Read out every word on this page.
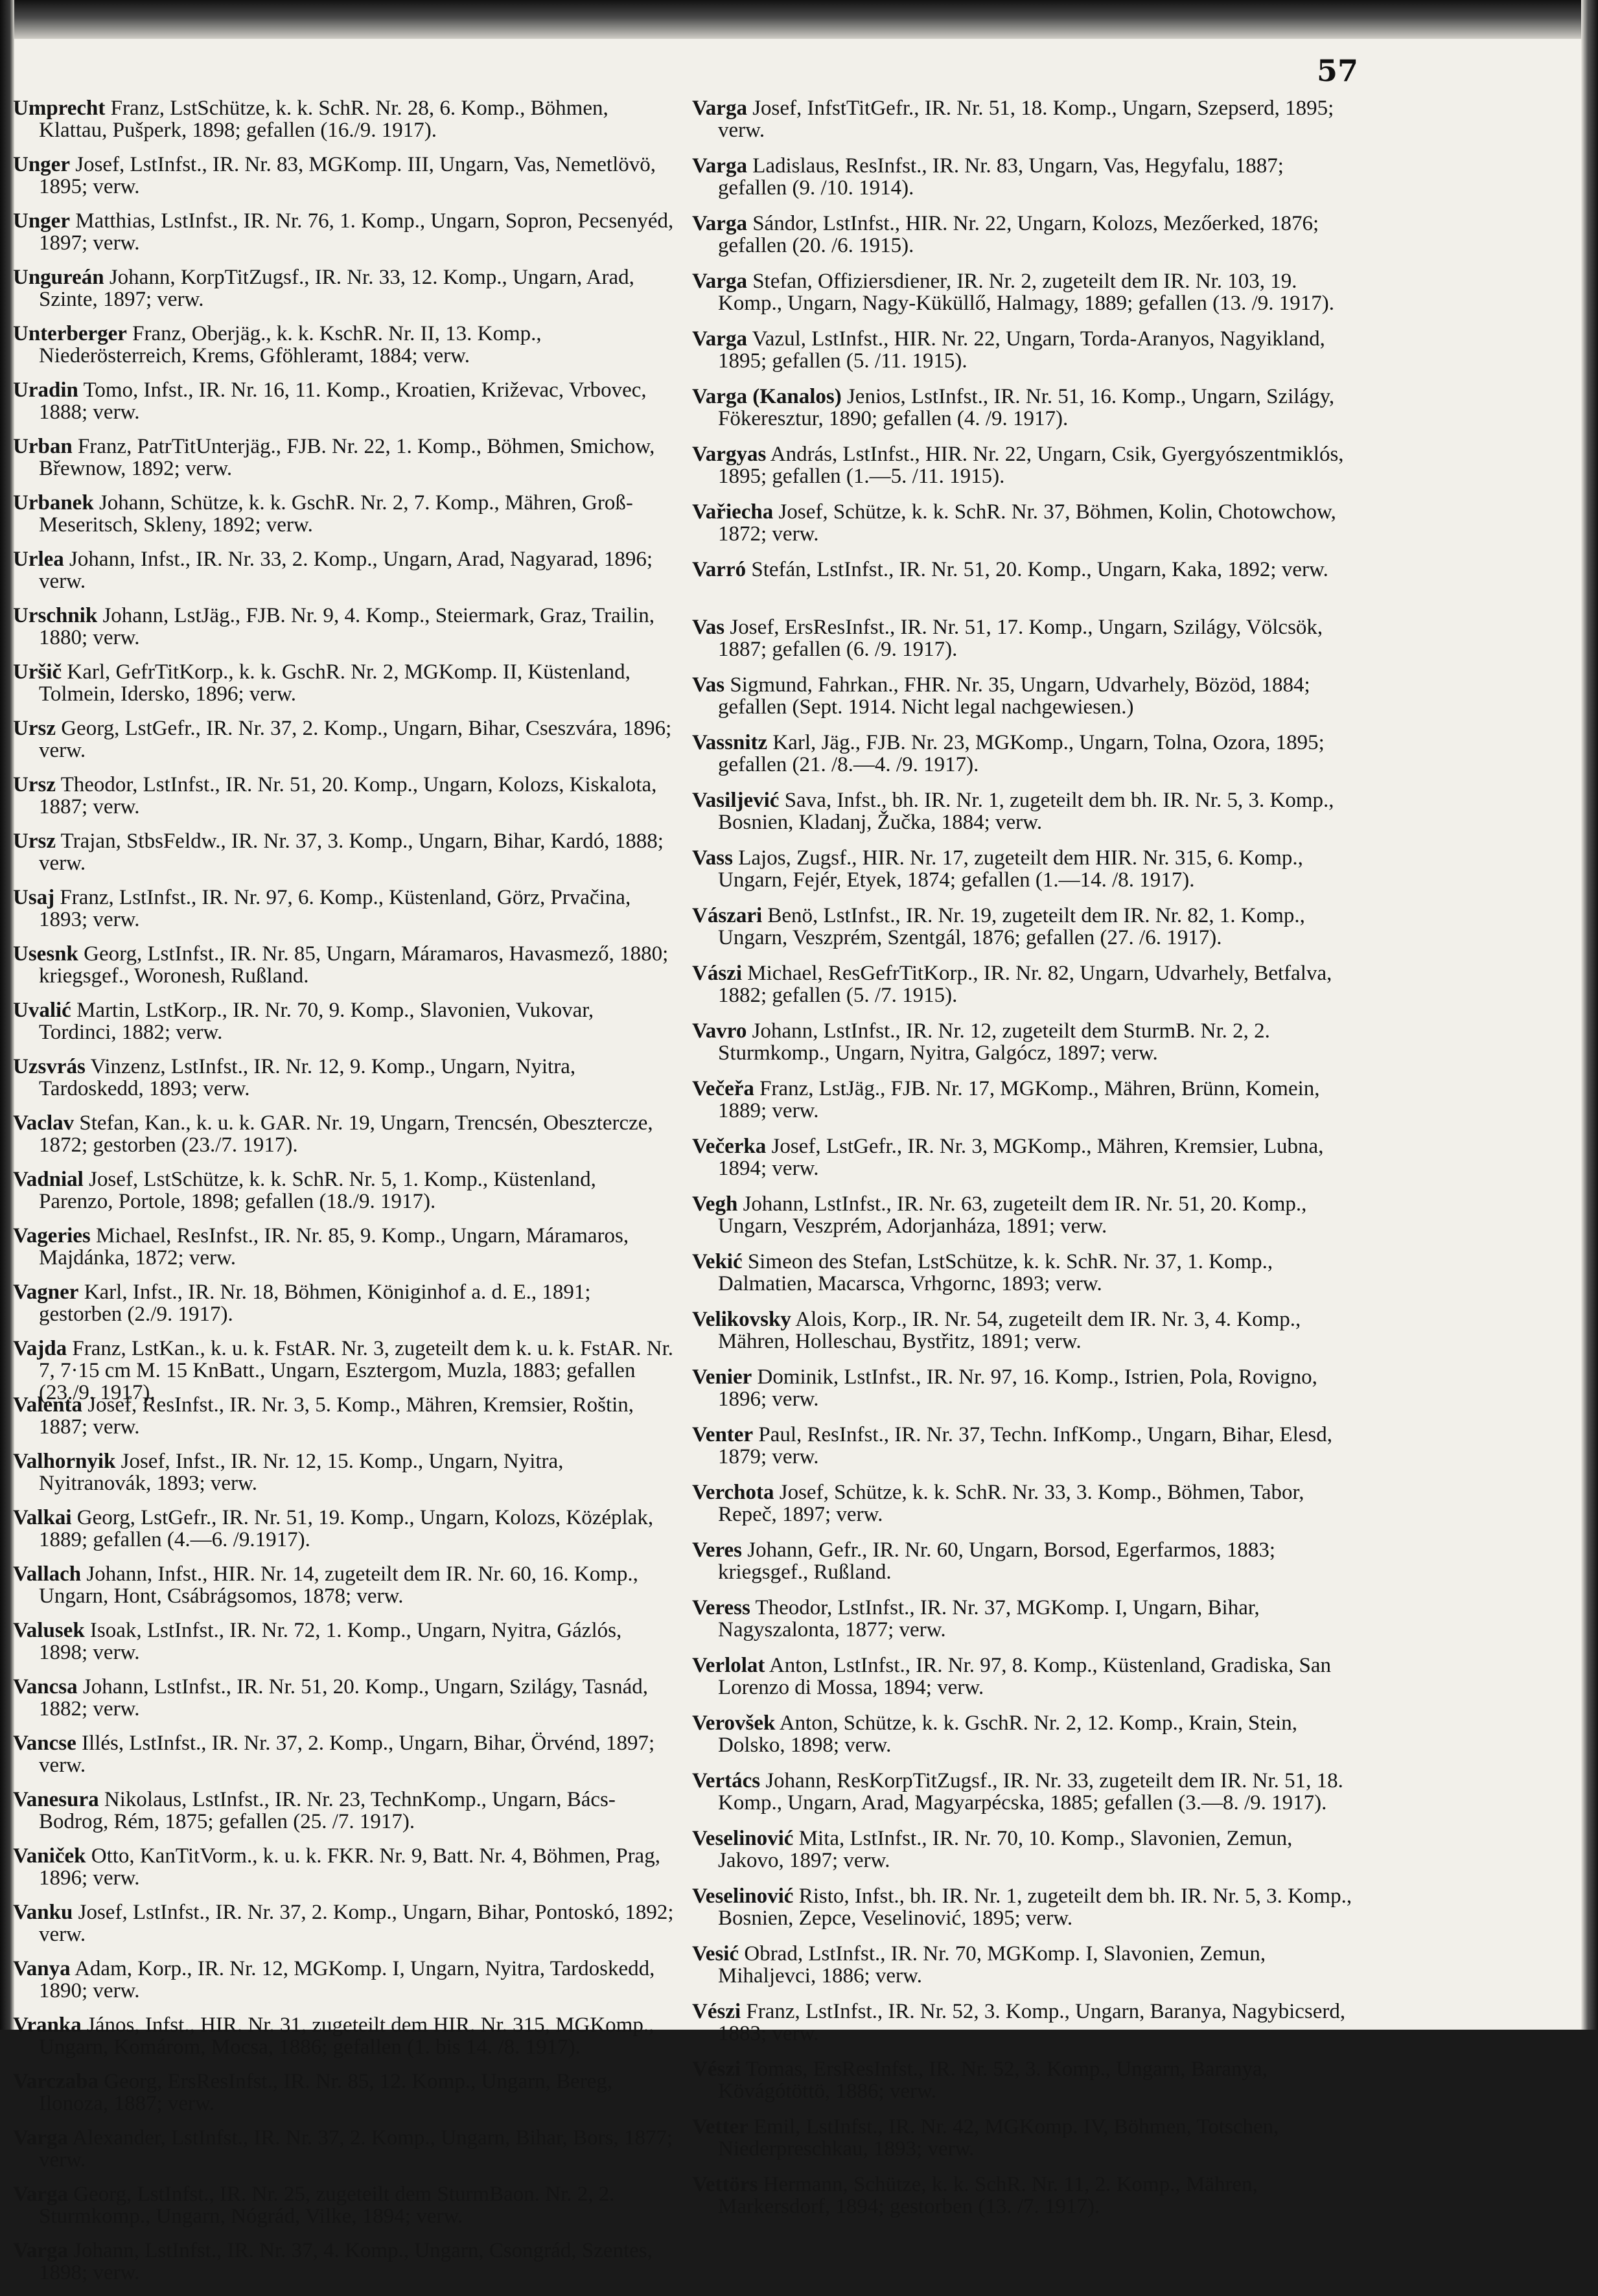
57

Umprecht Franz, LstSchütze, k. k. SchR. Nr. 28, 6. Komp., Böhmen, Klattau, Pušperk, 1898; gefallen (16./9. 1917).

Unger Josef, LstInfst., IR. Nr. 83, MGKomp. III, Ungarn, Vas, Nemetlövö, 1895; verw.

Unger Matthias, LstInfst., IR. Nr. 76, 1. Komp., Ungarn, Sopron, Pecsenyéd, 1897; verw.

Ungureán Johann, KorpTitZugsf., IR. Nr. 33, 12. Komp., Ungarn, Arad, Szinte, 1897; verw.

Unterberger Franz, Oberjäg., k. k. KschR. Nr. II, 13. Komp., Niederösterreich, Krems, Gföhleramt, 1884; verw.

Uradin Tomo, Infst., IR. Nr. 16, 11. Komp., Kroatien, Križevac, Vrbovec, 1888; verw.

Urban Franz, PatrTitUnterjäg., FJB. Nr. 22, 1. Komp., Böhmen, Smichow, Břewnow, 1892; verw.

Urbanek Johann, Schütze, k. k. GschR. Nr. 2, 7. Komp., Mähren, Groß-Meseritsch, Skleny, 1892; verw.

Urlea Johann, Infst., IR. Nr. 33, 2. Komp., Ungarn, Arad, Nagyarad, 1896; verw.

Urschnik Johann, LstJäg., FJB. Nr. 9, 4. Komp., Steiermark, Graz, Trailin, 1880; verw.

Uršič Karl, GefrTitKorp., k. k. GschR. Nr. 2, MGKomp. II, Küstenland, Tolmein, Idersko, 1896; verw.

Ursz Georg, LstGefr., IR. Nr. 37, 2. Komp., Ungarn, Bihar, Cseszvára, 1896; verw.

Ursz Theodor, LstInfst., IR. Nr. 51, 20. Komp., Ungarn, Kolozs, Kiskalota, 1887; verw.

Ursz Trajan, StbsFeldw., IR. Nr. 37, 3. Komp., Ungarn, Bihar, Kardó, 1888; verw.

Usaj Franz, LstInfst., IR. Nr. 97, 6. Komp., Küstenland, Görz, Prvačina, 1893; verw.

Usesnk Georg, LstInfst., IR. Nr. 85, Ungarn, Máramaros, Havasmező, 1880; kriegsgef., Woronesh, Rußland.

Uvalić Martin, LstKorp., IR. Nr. 70, 9. Komp., Slavonien, Vukovar, Tordinci, 1882; verw.

Uzsvrás Vinzenz, LstInfst., IR. Nr. 12, 9. Komp., Ungarn, Nyitra, Tardoskedd, 1893; verw.

Vaclav Stefan, Kan., k. u. k. GAR. Nr. 19, Ungarn, Trencsén, Obesztercze, 1872; gestorben (23./7. 1917).

Vadnial Josef, LstSchütze, k. k. SchR. Nr. 5, 1. Komp., Küstenland, Parenzo, Portole, 1898; gefallen (18./9. 1917).

Vageries Michael, ResInfst., IR. Nr. 85, 9. Komp., Ungarn, Máramaros, Majdánka, 1872; verw.

Vagner Karl, Infst., IR. Nr. 18, Böhmen, Königinhof a. d. E., 1891; gestorben (2./9. 1917).

Vajda Franz, LstKan., k. u. k. FstAR. Nr. 3, zugeteilt dem k. u. k. FstAR. Nr. 7, 7·15 cm M. 15 KnBatt., Ungarn, Esztergom, Muzla, 1883; gefallen (23./9. 1917).

Valenta Josef, ResInfst., IR. Nr. 3, 5. Komp., Mähren, Kremsier, Roštin, 1887; verw.

Valhornyik Josef, Infst., IR. Nr. 12, 15. Komp., Ungarn, Nyitra, Nyitranovák, 1893; verw.

Valkai Georg, LstGefr., IR. Nr. 51, 19. Komp., Ungarn, Kolozs, Középlak, 1889; gefallen (4.—6. /9.1917).

Vallach Johann, Infst., HIR. Nr. 14, zugeteilt dem IR. Nr. 60, 16. Komp., Ungarn, Hont, Csábrágsomos, 1878; verw.

Valusek Isoak, LstInfst., IR. Nr. 72, 1. Komp., Ungarn, Nyitra, Gázlós, 1898; verw.

Vancsa Johann, LstInfst., IR. Nr. 51, 20. Komp., Ungarn, Szilágy, Tasnád, 1882; verw.

Vancse Illés, LstInfst., IR. Nr. 37, 2. Komp., Ungarn, Bihar, Örvénd, 1897; verw.

Vanesura Nikolaus, LstInfst., IR. Nr. 23, TechnKomp., Ungarn, Bács-Bodrog, Rém, 1875; gefallen (25. /7. 1917).

Vaniček Otto, KanTitVorm., k. u. k. FKR. Nr. 9, Batt. Nr. 4, Böhmen, Prag, 1896; verw.

Vanku Josef, LstInfst., IR. Nr. 37, 2. Komp., Ungarn, Bihar, Pontoskó, 1892; verw.

Vanya Adam, Korp., IR. Nr. 12, MGKomp. I, Ungarn, Nyitra, Tardoskedd, 1890; verw.

Vranka János, Infst., HIR. Nr. 31, zugeteilt dem HIR. Nr. 315, MGKomp., Ungarn, Komárom, Mocsa, 1886; gefallen (1. bis 14. /8. 1917).

Varczaba Georg, ErsResInfst., IR. Nr. 85, 12. Komp., Ungarn, Bereg, Ilonoza, 1887; verw.

Varga Alexander, LstInfst., IR. Nr. 37, 2. Komp., Ungarn, Bihar, Bors, 1877; verw.

Varga Georg, LstInfst., IR. Nr. 25, zugeteilt dem SturmBaon. Nr. 2, 2. Sturmkomp., Ungarn, Nógrád, Vilke, 1894; verw.

Varga Johann, LstInfst., IR. Nr. 37, 4. Komp., Ungarn, Csongrád, Szentes, 1898; verw.

Varga Josef, InfstTitGefr., IR. Nr. 51, 18. Komp., Ungarn, Szepserd, 1895; verw.

Varga Ladislaus, ResInfst., IR. Nr. 83, Ungarn, Vas, Hegyfalu, 1887; gefallen (9. /10. 1914).

Varga Sándor, LstInfst., HIR. Nr. 22, Ungarn, Kolozs, Mezőerked, 1876; gefallen (20. /6. 1915).

Varga Stefan, Offiziersdiener, IR. Nr. 2, zugeteilt dem IR. Nr. 103, 19. Komp., Ungarn, Nagy-Küküllő, Halmagy, 1889; gefallen (13. /9. 1917).

Varga Vazul, LstInfst., HIR. Nr. 22, Ungarn, Torda-Aranyos, Nagyikland, 1895; gefallen (5. /11. 1915).

Varga (Kanalos) Jenios, LstInfst., IR. Nr. 51, 16. Komp., Ungarn, Szilágy, Fökeresztur, 1890; gefallen (4. /9. 1917).

Vargyas András, LstInfst., HIR. Nr. 22, Ungarn, Csik, Gyergyószentmiklós, 1895; gefallen (1.—5. /11. 1915).

Vařiecha Josef, Schütze, k. k. SchR. Nr. 37, Böhmen, Kolin, Chotowchow, 1872; verw.

Varró Stefán, LstInfst., IR. Nr. 51, 20. Komp., Ungarn, Kaka, 1892; verw.

Vas Josef, ErsResInfst., IR. Nr. 51, 17. Komp., Ungarn, Szilágy, Völcsök, 1887; gefallen (6. /9. 1917).

Vas Sigmund, Fahrkan., FHR. Nr. 35, Ungarn, Udvarhely, Bözöd, 1884; gefallen (Sept. 1914. Nicht legal nachgewiesen.)

Vassnitz Karl, Jäg., FJB. Nr. 23, MGKomp., Ungarn, Tolna, Ozora, 1895; gefallen (21. /8.—4. /9. 1917).

Vasiljević Sava, Infst., bh. IR. Nr. 1, zugeteilt dem bh. IR. Nr. 5, 3. Komp., Bosnien, Kladanj, Žučka, 1884; verw.

Vass Lajos, Zugsf., HIR. Nr. 17, zugeteilt dem HIR. Nr. 315, 6. Komp., Ungarn, Fejér, Etyek, 1874; gefallen (1.—14. /8. 1917).

Vászari Benö, LstInfst., IR. Nr. 19, zugeteilt dem IR. Nr. 82, 1. Komp., Ungarn, Veszprém, Szentgál, 1876; gefallen (27. /6. 1917).

Vászi Michael, ResGefrTitKorp., IR. Nr. 82, Ungarn, Udvarhely, Betfalva, 1882; gefallen (5. /7. 1915).

Vavro Johann, LstInfst., IR. Nr. 12, zugeteilt dem SturmB. Nr. 2, 2. Sturmkomp., Ungarn, Nyitra, Galgócz, 1897; verw.

Večeřa Franz, LstJäg., FJB. Nr. 17, MGKomp., Mähren, Brünn, Komein, 1889; verw.

Večerka Josef, LstGefr., IR. Nr. 3, MGKomp., Mähren, Kremsier, Lubna, 1894; verw.

Vegh Johann, LstInfst., IR. Nr. 63, zugeteilt dem IR. Nr. 51, 20. Komp., Ungarn, Veszprém, Adorjanháza, 1891; verw.

Vekić Simeon des Stefan, LstSchütze, k. k. SchR. Nr. 37, 1. Komp., Dalmatien, Macarsca, Vrhgornc, 1893; verw.

Velikovsky Alois, Korp., IR. Nr. 54, zugeteilt dem IR. Nr. 3, 4. Komp., Mähren, Holleschau, Bystřitz, 1891; verw.

Venier Dominik, LstInfst., IR. Nr. 97, 16. Komp., Istrien, Pola, Rovigno, 1896; verw.

Venter Paul, ResInfst., IR. Nr. 37, Techn. InfKomp., Ungarn, Bihar, Elesd, 1879; verw.

Verchota Josef, Schütze, k. k. SchR. Nr. 33, 3. Komp., Böhmen, Tabor, Repeč, 1897; verw.

Veres Johann, Gefr., IR. Nr. 60, Ungarn, Borsod, Egerfarmos, 1883; kriegsgef., Rußland.

Veress Theodor, LstInfst., IR. Nr. 37, MGKomp. I, Ungarn, Bihar, Nagyszalonta, 1877; verw.

Verlolat Anton, LstInfst., IR. Nr. 97, 8. Komp., Küstenland, Gradiska, San Lorenzo di Mossa, 1894; verw.

Verovšek Anton, Schütze, k. k. GschR. Nr. 2, 12. Komp., Krain, Stein, Dolsko, 1898; verw.

Vertács Johann, ResKorpTitZugsf., IR. Nr. 33, zugeteilt dem IR. Nr. 51, 18. Komp., Ungarn, Arad, Magyarpécska, 1885; gefallen (3.—8. /9. 1917).

Veselinović Mita, LstInfst., IR. Nr. 70, 10. Komp., Slavonien, Zemun, Jakovo, 1897; verw.

Veselinović Risto, Infst., bh. IR. Nr. 1, zugeteilt dem bh. IR. Nr. 5, 3. Komp., Bosnien, Zepce, Veselinović, 1895; verw.

Vesić Obrad, LstInfst., IR. Nr. 70, MGKomp. I, Slavonien, Zemun, Mihaljevci, 1886; verw.

Vészi Franz, LstInfst., IR. Nr. 52, 3. Komp., Ungarn, Baranya, Nagybicserd, 1883; verw.

Vészi Tomas, ErsResInfst., IR. Nr. 52, 3. Komp., Ungarn, Baranya, Kövágótöttö, 1886; verw.

Vetter Emil, LstInfst., IR. Nr. 42, MGKomp. IV, Böhmen, Totschen, Niederpreschkau, 1893; verw.

Vettörs Hermann, Schütze, k. k. SchR. Nr. 11, 2. Komp., Mähren, Markersdorf, 1894; gestorben (13. /7. 1917).
